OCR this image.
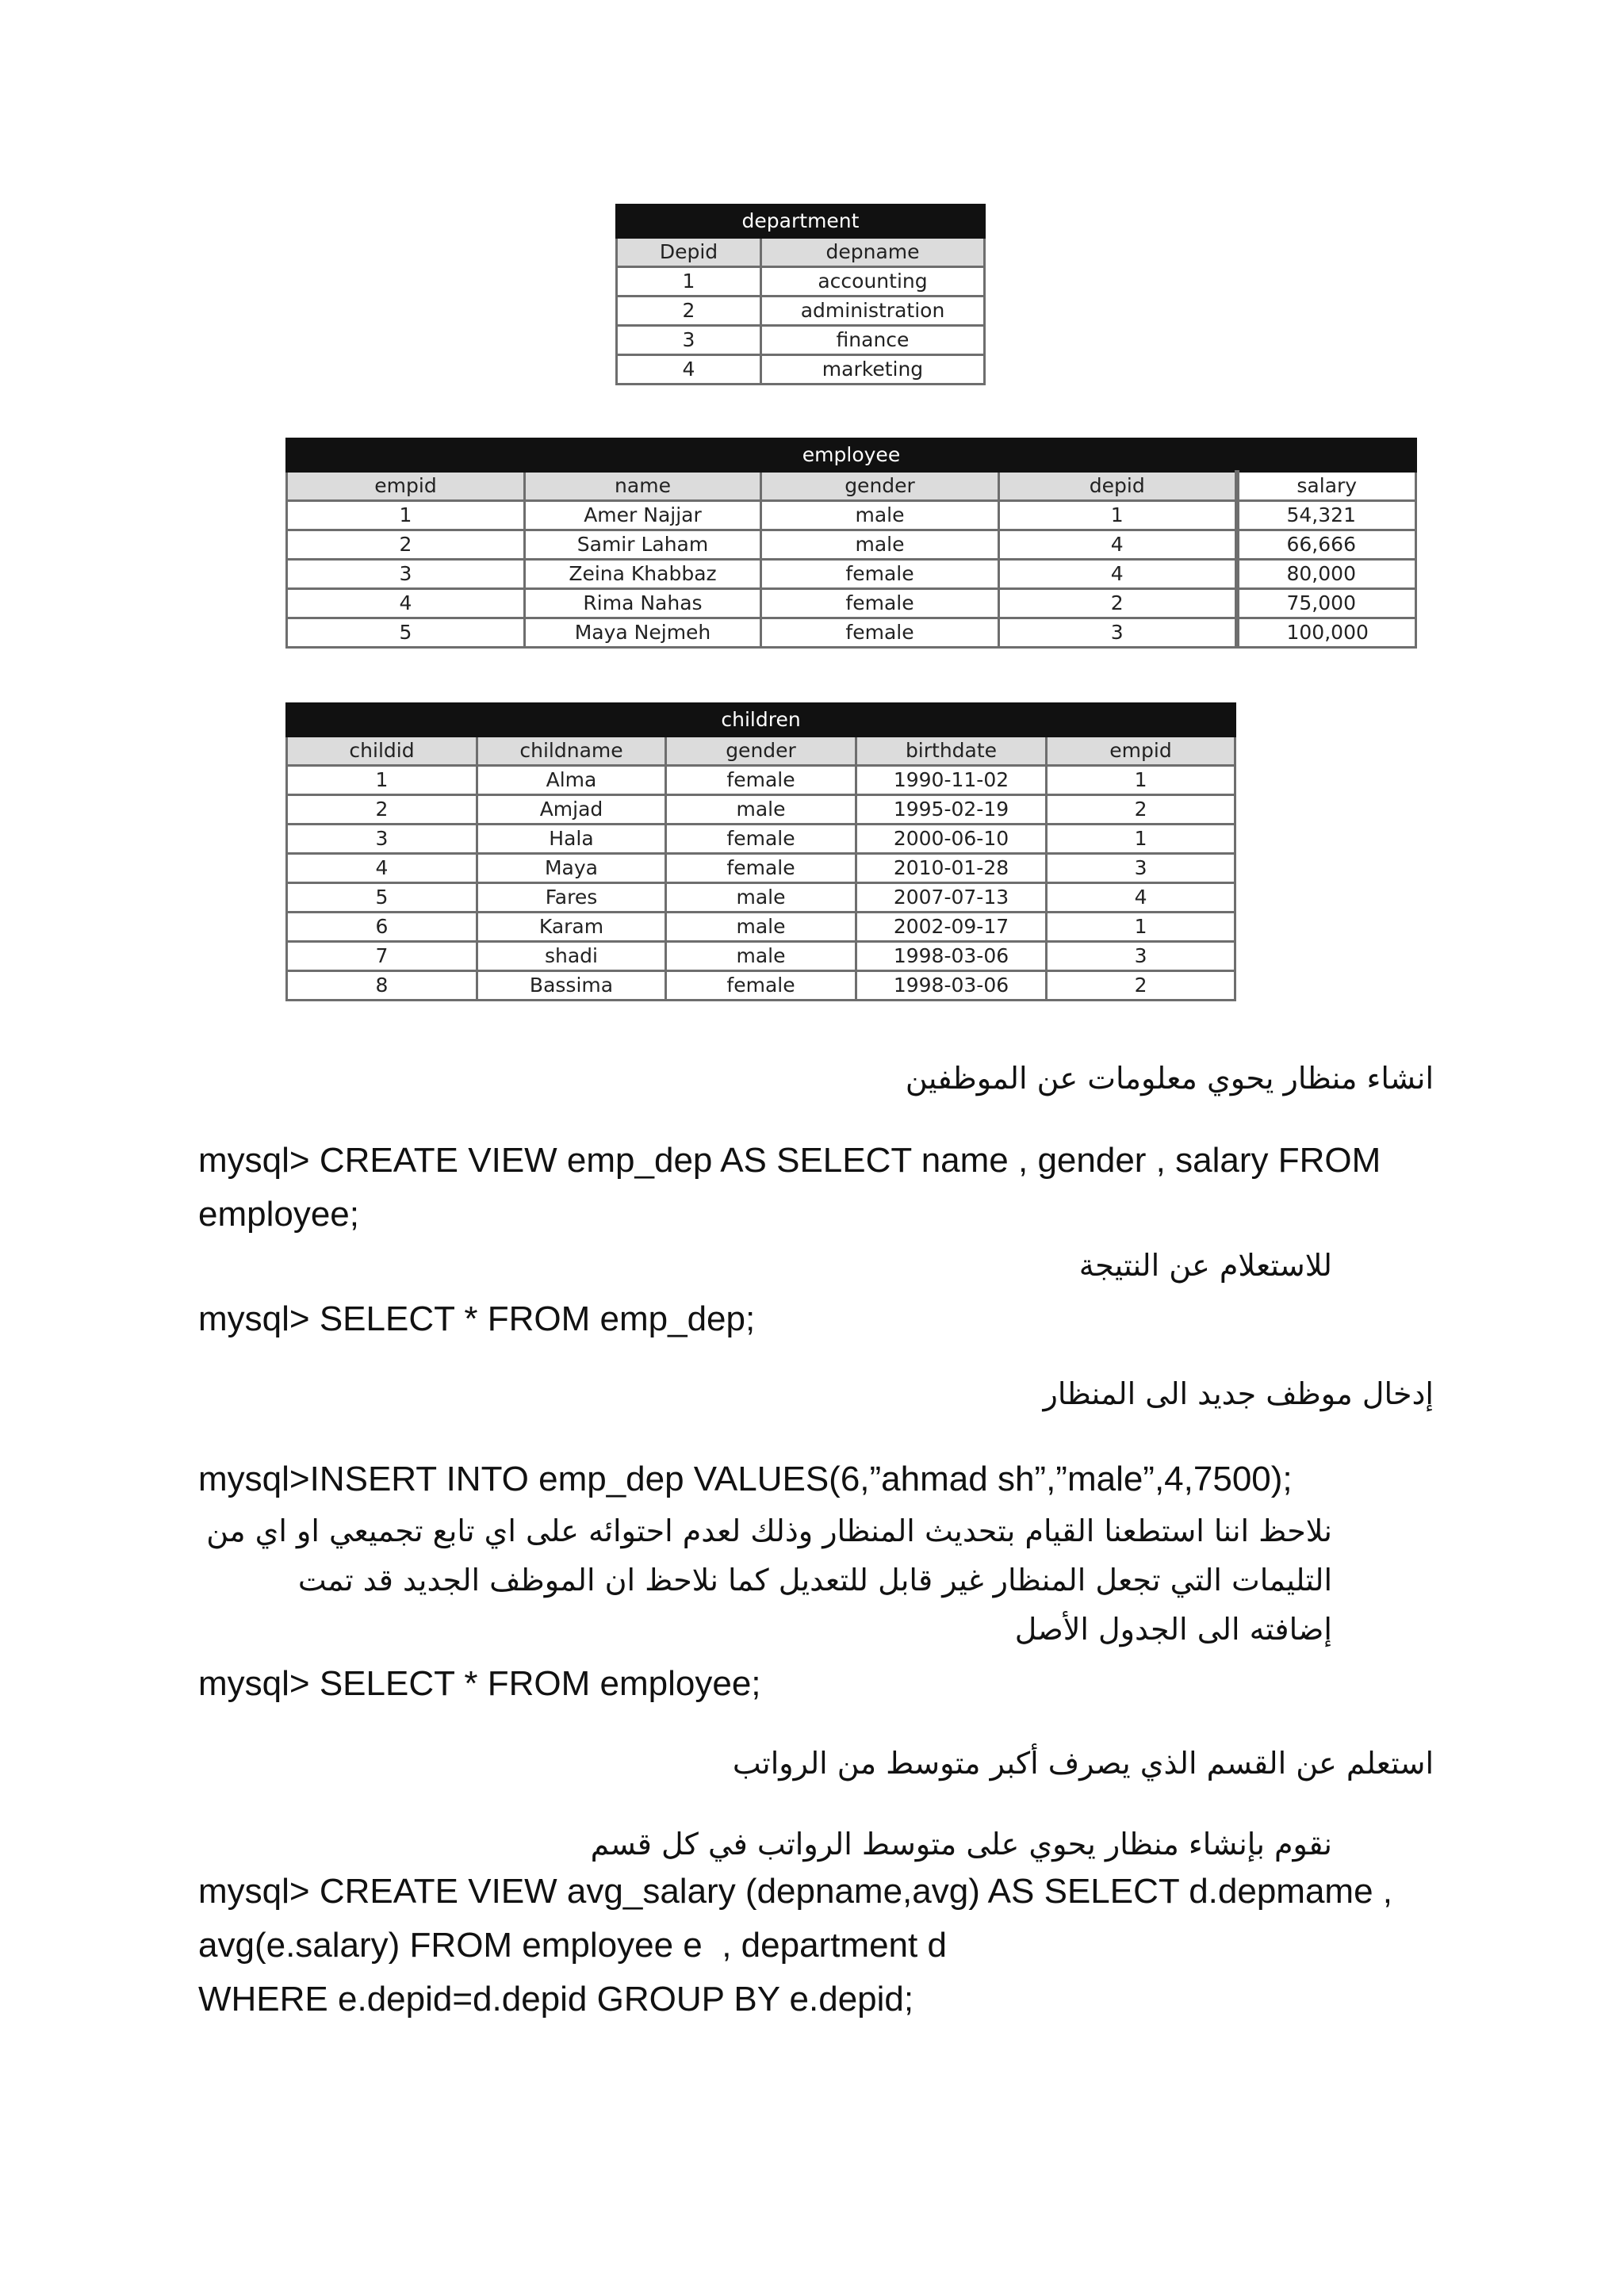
department	
Depid	depname
1	accounting
2	administration
3	finance
4	marketing
employee				
empid	name	gender	depid	salary
1	Amer Najjar	male	1	54,321
2	Samir Laham	male	4	66,666
3	Zeina Khabbaz	female	4	80,000
4	Rima Nahas	female	2	75,000
5	Maya Nejmeh	female	3	100,000
children				
childid	childname	gender	birthdate	empid
1	Alma	female	1990-11-02	1
2	Amjad	male	1995-02-19	2
3	Hala	female	2000-06-10	1
4	Maya	female	2010-01-28	3
5	Fares	male	2007-07-13	4
6	Karam	male	2002-09-17	1
7	shadi	male	1998-03-06	3
8	Bassima	female	1998-03-06	2
انشاء منظار يحوي معلومات عن الموظفين
mysql> CREATE VIEW emp_dep AS SELECT name , gender , salary FROM employee;
للاستعلام عن النتيجة
mysql> SELECT * FROM emp_dep;
إدخال موظف جديد الى المنظار
mysql>INSERT INTO emp_dep VALUES(6,”ahmad sh”,”male”,4,7500);
نلاحظ اننا استطعنا القيام بتحديث المنظار وذلك لعدم احتوائه على اي تابع تجميعي او اي من التليمات التي تجعل المنظار غير قابل للتعديل كما نلاحظ ان الموظف الجديد قد تمت إضافته الى الجدول الأصل
mysql> SELECT * FROM employee;
استعلم عن القسم الذي يصرف أكبر متوسط من الرواتب
نقوم بإنشاء منظار يحوي على متوسط الرواتب في كل قسم
mysql> CREATE VIEW avg_salary (depname,avg) AS SELECT d.depmame , avg(e.salary) FROM employee e  , department d
WHERE e.depid=d.depid GROUP BY e.depid;
